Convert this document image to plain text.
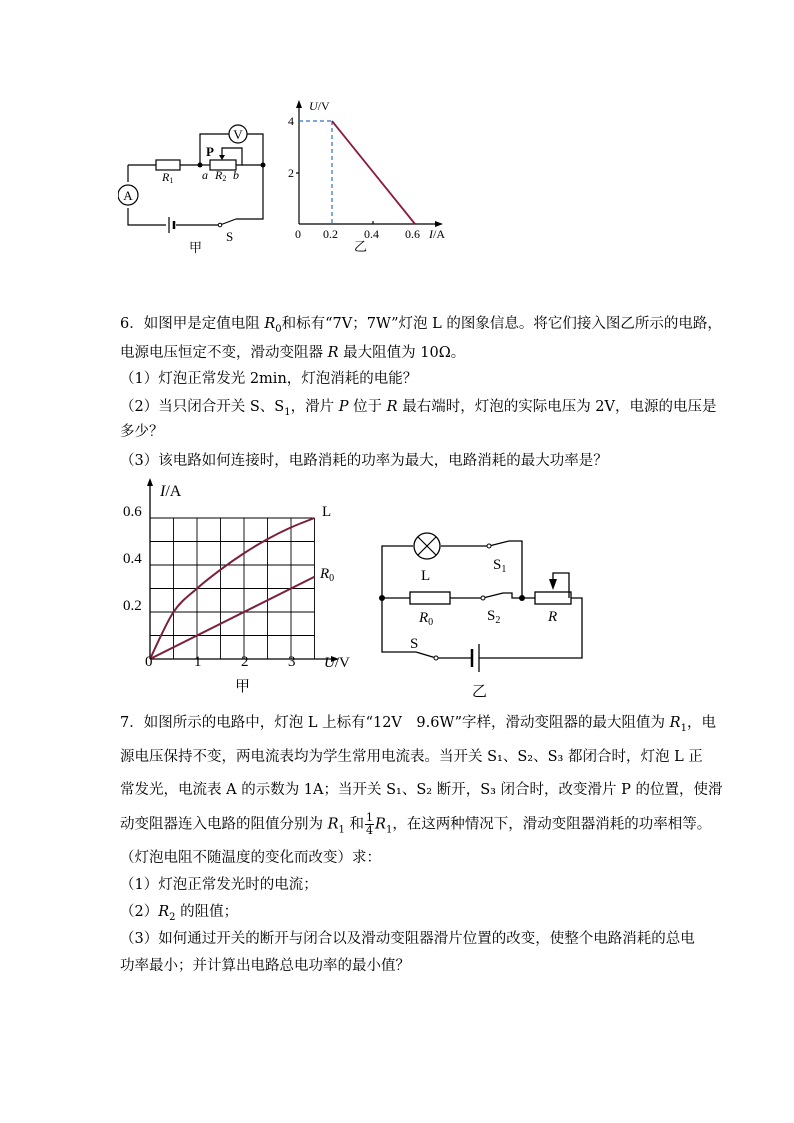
A
V
P
R1 a R2 b
S
甲
U/V
4
2
0 0.2 0.4 0.6 I/A
乙
6．如图甲是定值电阻 $R_0$和标有“7V；7W”灯泡 L 的图象信息。将它们接入图乙所示的电路，
电源电压恒定不变，滑动变阻器 R 最大阻值为 10Ω。
（1）灯泡正常发光 2min，灯泡消耗的电能？
（2）当只闭合开关 S、$S_1$，滑片 P 位于 R 最右端时，灯泡的实际电压为 2V，电源的电压是
多少？
（3）该电路如何连接时，电路消耗的功率为最大，电路消耗的最大功率是？
I/A
0.6
0.4
0.2
0	1	2	3 U/V
L
$R_0$
甲
L
$S_1$
$R_0$	$S_2$	R
S
乙
7．如图所示的电路中，灯泡 L 上标有“12V　9.6W”字样，滑动变阻器的最大阻值为 $R_1$，电
源电压保持不变，两电流表均为学生常用电流表。当开关 S₁、S₂、S₃ 都闭合时，灯泡 L 正
常发光，电流表 A 的示数为 1A；当开关 S₁、S₂ 断开，S₃ 闭合时，改变滑片 P 的位置，使滑
动变阻器连入电路的阻值分别为 $R_1$ 和 $\frac{1}{4} R_1$，在这两种情况下，滑动变阻器消耗的功率相等。
（灯泡电阻不随温度的变化而改变）求：
（1）灯泡正常发光时的电流；
$(2)R_2$ 的阻值；
（3）如何通过开关的断开与闭合以及滑动变阻器滑片位置的改变，使整个电路消耗的总电
功率最小；并计算出电路总电功率的最小值？
